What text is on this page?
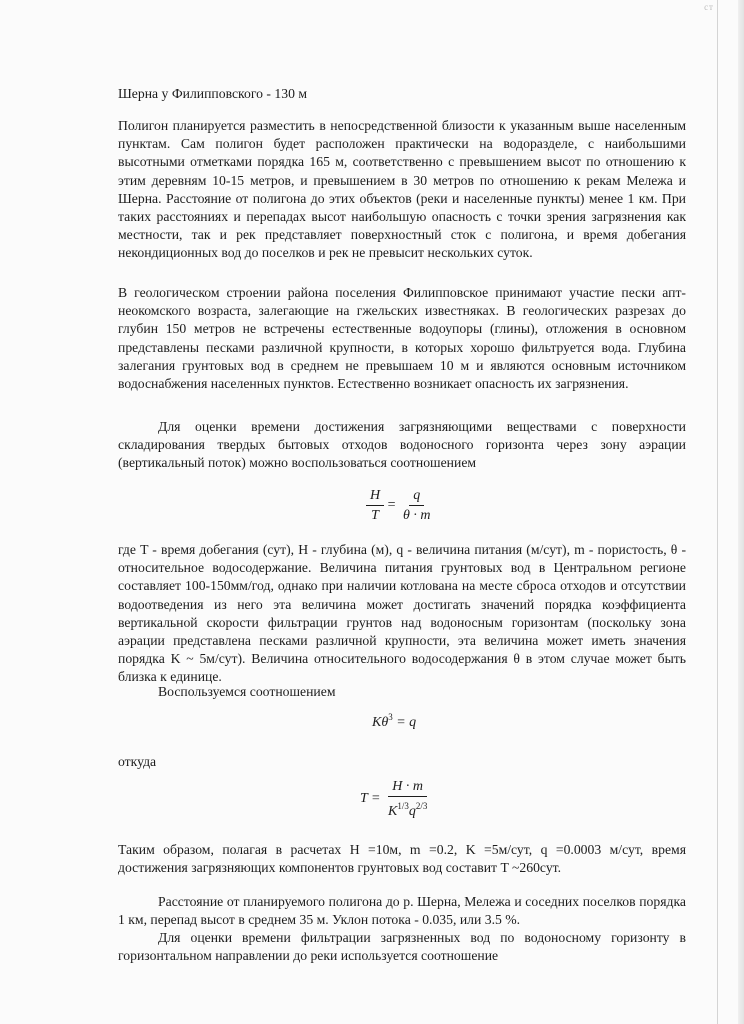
ст
Шерна у Филипповского - 130 м

Полигон планируется разместить в непосредственной близости к указанным выше населенным пунктам. Сам полигон будет расположен практически на водоразделе, с наибольшими высотными отметками порядка 165 м, соответственно с превышением высот по отношению к этим деревням 10-15 метров, и превышением в 30 метров по отношению к рекам Мележа и Шерна. Расстояние от полигона до этих объектов (реки и населенные пункты) менее 1 км. При таких расстояниях и перепадах высот наибольшую опасность с точки зрения загрязнения как местности, так и рек представляет поверхностный сток с полигона, и время добегания некондиционных вод до поселков и рек не превысит нескольких суток.

В геологическом строении района поселения Филипповское принимают участие пески апт-неокомского возраста, залегающие на гжельских известняках. В геологических разрезах до глубин 150 метров не встречены естественные водоупоры (глины), отложения в основном представлены песками различной крупности, в которых хорошо фильтруется вода. Глубина залегания грунтовых вод в среднем не превышаем 10 м и являются основным источником водоснабжения населенных пунктов. Естественно возникает опасность их загрязнения.

Для оценки времени достижения загрязняющими веществами с поверхности складирования твердых бытовых отходов водоносного горизонта через зону аэрации (вертикальный поток) можно воспользоваться соотношением

$\frac{H}{T} = \frac{q}{\theta \cdot m}$

где T - время добегания (сут), H - глубина (м), q - величина питания (м/сут), m - пористость, θ - относительное водосодержание. Величина питания грунтовых вод в Центральном регионе составляет 100-150мм/год, однако при наличии котлована на месте сброса отходов и отсутствии водоотведения из него эта величина может достигать значений порядка коэффициента вертикальной скорости фильтрации грунтов над водоносным горизонтам (поскольку зона аэрации представлена песками различной крупности, эта величина может иметь значения порядка K ~ 5м/сут). Величина относительного водосодержания θ в этом случае может быть близка к единице.

Воспользуемся соотношением

$K\theta^3 = q$

откуда

$T = \frac{H \cdot m}{K^{1/3}q^{2/3}}$

Таким образом, полагая в расчетах H =10м, m =0.2, K =5м/сут, q =0.0003 м/сут, время достижения загрязняющих компонентов грунтовых вод составит T ~260сут.

Расстояние от планируемого полигона до р. Шерна, Мележа и соседних поселков порядка 1 км, перепад высот в среднем 35 м. Уклон потока - 0.035, или 3.5 %.

Для оценки времени фильтрации загрязненных вод по водоносному горизонту в горизонтальном направлении до реки используется соотношение
